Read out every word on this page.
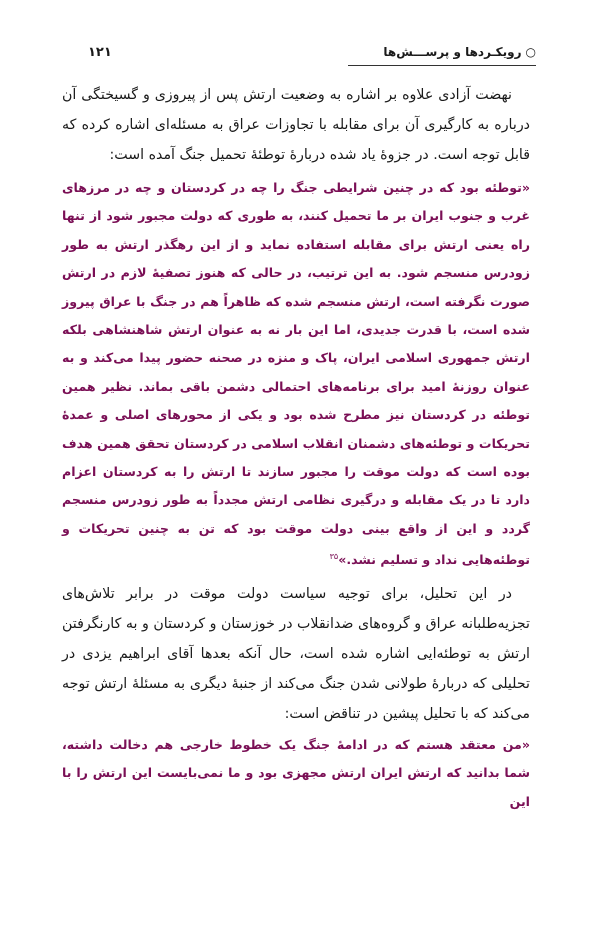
۱۲۱	○رویکـردها و پرســـش‌ها

نهضت آزادی علاوه بر اشاره به وضعیت ارتش پس از پیروزی و گسیختگی آن درباره به کارگیری آن برای مقابله با تجاوزات عراق به مسئله‌ای اشاره کرده که قابل توجه است. در جزوهٔ یاد شده دربارهٔ توطئهٔ تحمیل جنگ آمده است:

«توطئه بود که در چنین شرایطی جنگ را چه در کردستان و چه در مرزهای غرب و جنوب ایران بر ما تحمیل کنند، به طوری که دولت مجبور شود از تنها راه یعنی ارتش برای مقابله استفاده نماید و از این رهگذر ارتش به طور زودرس منسجم شود. به این ترتیب، در حالی که هنوز تصفیهٔ لازم در ارتش صورت نگرفته است، ارتش منسجم شده که ظاهراً هم در جنگ با عراق پیروز شده است، با قدرت جدیدی، اما این بار نه به عنوان ارتش شاهنشاهی بلکه ارتش جمهوری اسلامی ایران، پاک و منزه در صحنه حضور پیدا می‌کند و به عنوان روزنهٔ امید برای برنامه‌های احتمالی دشمن باقی بماند. نظیر همین توطئه در کردستان نیز مطرح شده بود و یکی از محورهای اصلی و عمدهٔ تحریکات و توطئه‌های دشمنان انقلاب اسلامی در کردستان تحقق همین هدف بوده است که دولت موقت را مجبور سازند تا ارتش را به کردستان اعزام دارد تا در یک مقابله و درگیری نظامی ارتش مجدداً به طور زودرس منسجم گردد و این از واقع بینی دولت موقت بود که تن به چنین تحریکات و توطئه‌هایی نداد و تسلیم نشد.»$^{۳۵}$

در این تحلیل، برای توجیه سیاست دولت موقت در برابر تلاش‌های تجزیه‌طلبانه عراق و گروه‌های ضدانقلاب در خوزستان و کردستان و به کارنگرفتن ارتش به توطئه‌ایی اشاره شده است، حال آنکه بعدها آقای ابراهیم یزدی در تحلیلی که دربارهٔ طولانی شدن جنگ می‌کند از جنبهٔ دیگری به مسئلهٔ ارتش توجه می‌کند که با تحلیل پیشین در تناقض است:

«من معتقد هستم که در ادامهٔ جنگ یک خطوط خارجی هم دخالت داشته، شما بدانید که ارتش ایران ارتش مجهزی بود و ما نمی‌بایست این ارتش را با این
